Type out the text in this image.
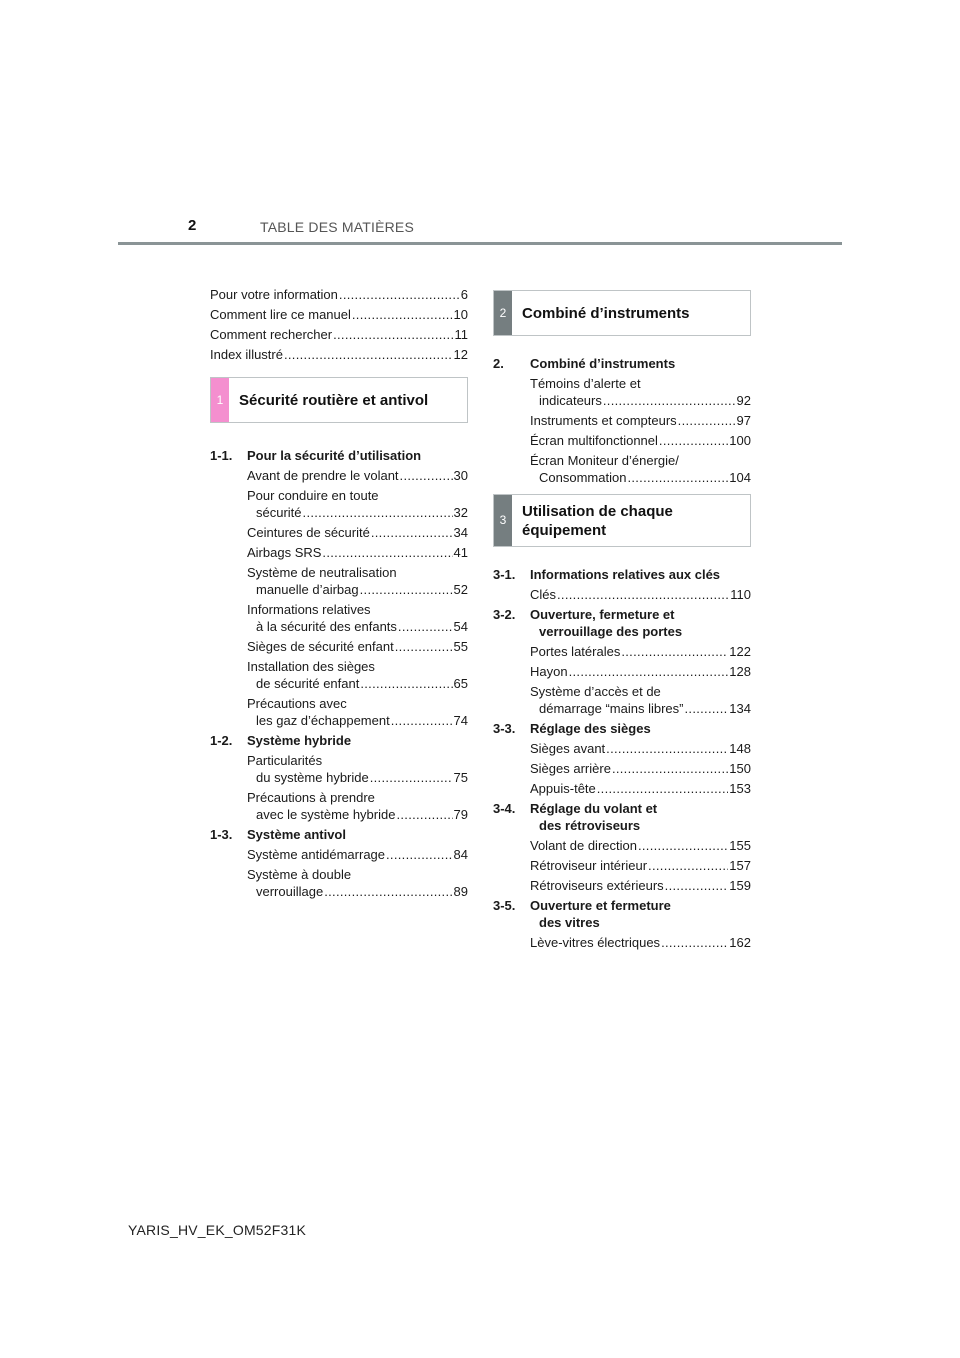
2	TABLE DES MATIÈRES
Pour votre information .....	6
Comment lire ce manuel .....	10
Comment rechercher .....	11
Index illustré .....	12
1	Sécurité routière et antivol
1-1.	Pour la sécurité d’utilisation
Avant de prendre le volant .....	30
Pour conduire en toute
sécurité .....	32
Ceintures de sécurité .....	34
Airbags SRS .....	41
Système de neutralisation
manuelle d’airbag .....	52
Informations relatives
à la sécurité des enfants .....	54
Sièges de sécurité enfant .....	55
Installation des sièges
de sécurité enfant .....	65
Précautions avec
les gaz d’échappement .....	74
1-2.	Système hybride
Particularités
du système hybride .....	75
Précautions à prendre
avec le système hybride .....	79
1-3.	Système antivol
Système antidémarrage .....	84
Système à double
verrouillage .....	89
2	Combiné d’instruments
2.	Combiné d’instruments
Témoins d’alerte et
indicateurs .....	92
Instruments et compteurs .....	97
Écran multifonctionnel .....	100
Écran Moniteur d’énergie/
Consommation .....	104
3	Utilisation de chaque
équipement
3-1.	Informations relatives aux clés
Clés .....	110
3-2.	Ouverture, fermeture et
verrouillage des portes
Portes latérales .....	122
Hayon .....	128
Système d’accès et de
démarrage “mains libres” .....	134
3-3.	Réglage des sièges
Sièges avant .....	148
Sièges arrière .....	150
Appuis-tête .....	153
3-4.	Réglage du volant et
des rétroviseurs
Volant de direction .....	155
Rétroviseur intérieur .....	157
Rétroviseurs extérieurs .....	159
3-5.	Ouverture et fermeture
des vitres
Lève-vitres électriques .....	162
YARIS_HV_EK_OM52F31K
